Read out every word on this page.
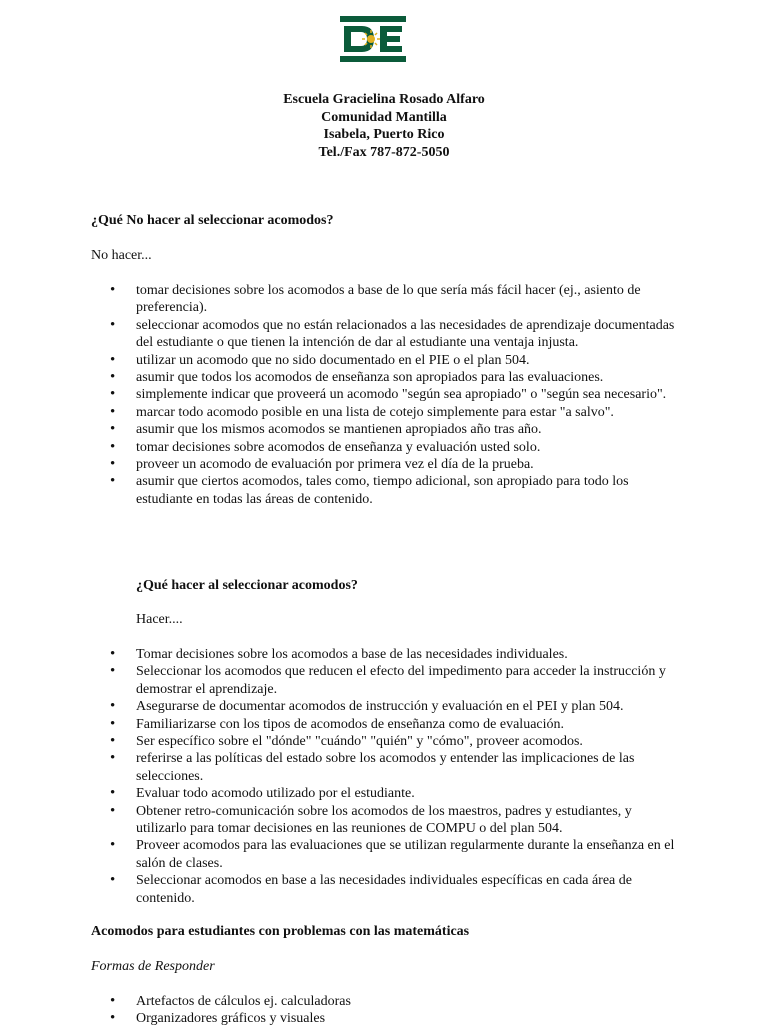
Escuela Gracielina Rosado Alfaro
Comunidad Mantilla
Isabela, Puerto Rico
Tel./Fax 787-872-5050
¿Qué No hacer al seleccionar acomodos?
No hacer...
• tomar decisiones sobre los acomodos a base de lo que sería más fácil hacer (ej., asiento de preferencia).
• seleccionar acomodos que no están relacionados a las necesidades de aprendizaje documentadas del estudiante o que tienen la intención de dar al estudiante una ventaja injusta.
• utilizar un acomodo que no sido documentado en el PIE o el plan 504.
• asumir que todos los acomodos de enseñanza son apropiados para las evaluaciones.
• simplemente indicar que proveerá un acomodo "según sea apropiado" o "según sea necesario".
• marcar todo acomodo posible en una lista de cotejo simplemente para estar "a salvo".
• asumir que los mismos acomodos se mantienen apropiados año tras año.
• tomar decisiones sobre acomodos de enseñanza y evaluación usted solo.
• proveer un acomodo de evaluación por primera vez el día de la prueba.
• asumir que ciertos acomodos, tales como, tiempo adicional, son apropiado para todo los estudiante en todas las áreas de contenido.
¿Qué hacer al seleccionar acomodos?
Hacer....
• Tomar decisiones sobre los acomodos a base de las necesidades individuales.
• Seleccionar los acomodos que reducen el efecto del impedimento para acceder la instrucción y demostrar el aprendizaje.
• Asegurarse de documentar acomodos de instrucción y evaluación en el PEI y plan 504.
• Familiarizarse con los tipos de acomodos de enseñanza como de evaluación.
• Ser específico sobre el "dónde" "cuándo" "quién" y "cómo", proveer acomodos.
• referirse a las políticas del estado sobre los acomodos y entender las implicaciones de las selecciones.
• Evaluar todo acomodo utilizado por el estudiante.
• Obtener retro-comunicación sobre los acomodos de los maestros, padres y estudiantes, y utilizarlo para tomar decisiones en las reuniones de COMPU o del plan 504.
• Proveer acomodos para las evaluaciones que se utilizan regularmente durante la enseñanza en el salón de clases.
• Seleccionar acomodos en base a las necesidades individuales específicas en cada área de contenido.
Acomodos para estudiantes con problemas con las matemáticas
Formas de Responder
• Artefactos de cálculos ej. calculadoras
• Organizadores gráficos y visuales
